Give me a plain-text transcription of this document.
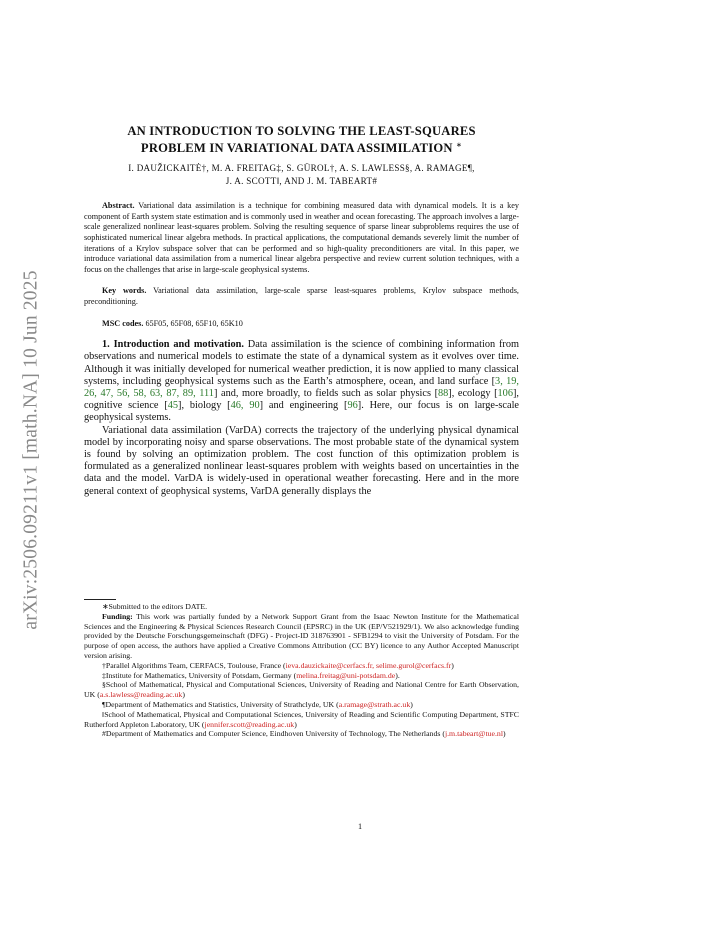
arXiv:2506.09211v1 [math.NA] 10 Jun 2025
AN INTRODUCTION TO SOLVING THE LEAST-SQUARES
PROBLEM IN VARIATIONAL DATA ASSIMILATION ∗
I. DAUŽICKAITĖ†, M. A. FREITAG‡, S. GÜROL†, A. S. LAWLESS§, A. RAMAGE¶,
J. A. SCOTT‖, AND J. M. TABEART#

Abstract. Variational data assimilation is a technique for combining measured data with dynamical models. It is a key component of Earth system state estimation and is commonly used in weather and ocean forecasting. The approach involves a large-scale generalized nonlinear least-squares problem. Solving the resulting sequence of sparse linear subproblems requires the use of sophisticated numerical linear algebra methods. In practical applications, the computational demands severely limit the number of iterations of a Krylov subspace solver that can be performed and so high-quality preconditioners are vital. In this paper, we introduce variational data assimilation from a numerical linear algebra perspective and review current solution techniques, with a focus on the challenges that arise in large-scale geophysical systems.

Key words. Variational data assimilation, large-scale sparse least-squares problems, Krylov subspace methods, preconditioning.

MSC codes. 65F05, 65F08, 65F10, 65K10

1. Introduction and motivation. Data assimilation is the science of combining information from observations and numerical models to estimate the state of a dynamical system as it evolves over time. Although it was initially developed for numerical weather prediction, it is now applied to many classical systems, including geophysical systems such as the Earth’s atmosphere, ocean, and land surface [3, 19, 26, 47, 56, 58, 63, 87, 89, 111] and, more broadly, to fields such as solar physics [88], ecology [106], cognitive science [45], biology [46, 90] and engineering [96]. Here, our focus is on large-scale geophysical systems.

Variational data assimilation (VarDA) corrects the trajectory of the underlying physical dynamical model by incorporating noisy and sparse observations. The most probable state of the dynamical system is found by solving an optimization problem. The cost function of this optimization problem is formulated as a generalized nonlinear least-squares problem with weights based on uncertainties in the data and the model. VarDA is widely-used in operational weather forecasting. Here and in the more general context of geophysical systems, VarDA generally displays the

∗Submitted to the editors DATE.

Funding: This work was partially funded by a Network Support Grant from the Isaac Newton Institute for the Mathematical Sciences and the Engineering & Physical Sciences Research Council (EPSRC) in the UK (EP/V521929/1). We also acknowledge funding provided by the Deutsche Forschungsgemeinschaft (DFG) - Project-ID 318763901 - SFB1294 to visit the University of Potsdam. For the purpose of open access, the authors have applied a Creative Commons Attribution (CC BY) licence to any Author Accepted Manuscript version arising.

†Parallel Algorithms Team, CERFACS, Toulouse, France (ieva.dauzickaite@cerfacs.fr, selime.gurol@cerfacs.fr)

‡Institute for Mathematics, University of Potsdam, Germany (melina.freitag@uni-potsdam.de).

§School of Mathematical, Physical and Computational Sciences, University of Reading and National Centre for Earth Observation, UK (a.s.lawless@reading.ac.uk)

¶Department of Mathematics and Statistics, University of Strathclyde, UK (a.ramage@strath.ac.uk)

‖School of Mathematical, Physical and Computational Sciences, University of Reading and Scientific Computing Department, STFC Rutherford Appleton Laboratory, UK (jennifer.scott@reading.ac.uk)

#Department of Mathematics and Computer Science, Eindhoven University of Technology, The Netherlands (j.m.tabeart@tue.nl)

1
